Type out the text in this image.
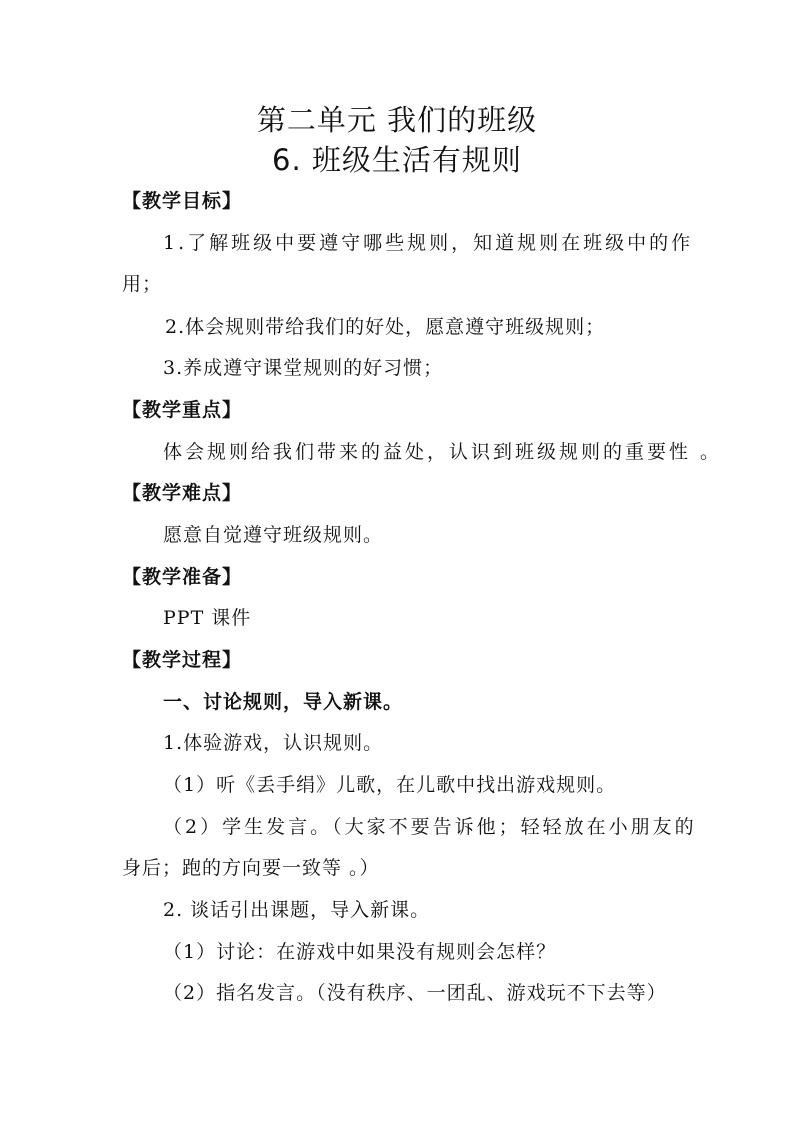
第二单元 我们的班级
6. 班级生活有规则
【教学目标】
1.了解班级中要遵守哪些规则，知道规则在班级中的作
用；
2.体会规则带给我们的好处，愿意遵守班级规则；
3.养成遵守课堂规则的好习惯；
【教学重点】
体会规则给我们带来的益处，认识到班级规则的重要性 。
【教学难点】
愿意自觉遵守班级规则。
【教学准备】
PPT 课件
【教学过程】
一、讨论规则，导入新课。
1.体验游戏，认识规则。
（1）听《丢手绢》儿歌，在儿歌中找出游戏规则。
（2）学生发言。（大家不要告诉他；轻轻放在小朋友的
身后；跑的方向要一致等 。）
2. 谈话引出课题，导入新课。
（1）讨论：在游戏中如果没有规则会怎样？
（2）指名发言。（没有秩序、一团乱、游戏玩不下去等）
